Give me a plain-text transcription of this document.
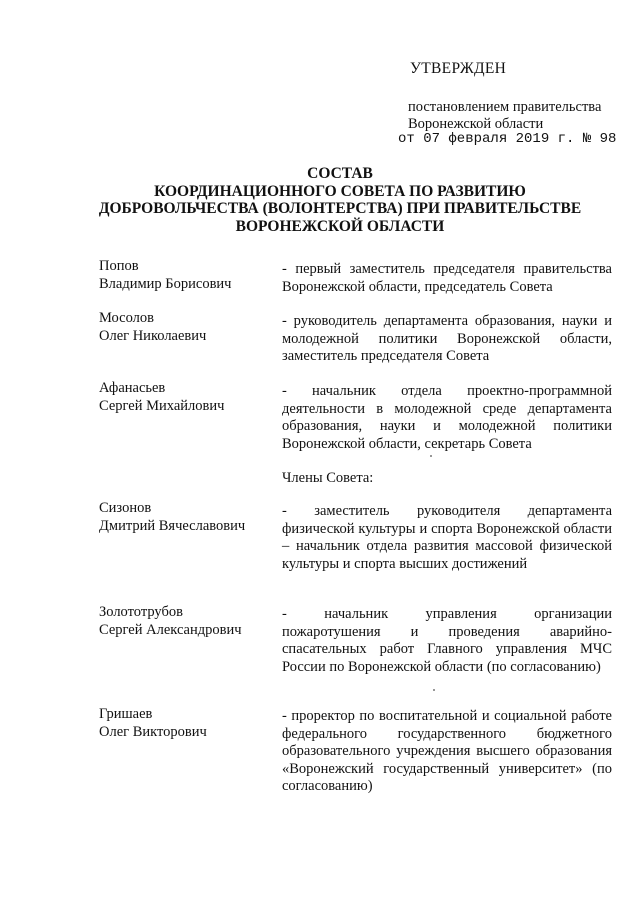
УТВЕРЖДЕН
постановлением правительства
Воронежской области
от 07 февраля 2019 г. № 98
СОСТАВ
КООРДИНАЦИОННОГО СОВЕТА ПО РАЗВИТИЮ
ДОБРОВОЛЬЧЕСТВА (ВОЛОНТЕРСТВА) ПРИ ПРАВИТЕЛЬСТВЕ
ВОРОНЕЖСКОЙ ОБЛАСТИ
Попов
Владимир Борисович
- первый заместитель председателя правительства Воронежской области, председатель Совета
Мосолов
Олег Николаевич
- руководитель департамента образования, науки и молодежной политики Воронежской области, заместитель председателя Совета
Афанасьев
Сергей Михайлович
- начальник отдела проектно-программной деятельности в молодежной среде департамента образования, науки и молодежной политики Воронежской области, секретарь Совета
Члены Совета:
Сизонов
Дмитрий Вячеславович
- заместитель руководителя департамента физической культуры и спорта Воронежской области – начальник отдела развития массовой физической культуры и спорта высших достижений
Золототрубов
Сергей Александрович
- начальник управления организации пожаротушения и проведения аварийно-спасательных работ Главного управления МЧС России по Воронежской области (по согласованию)
Гришаев
Олег Викторович
- проректор по воспитательной и социальной работе федерального государственного бюджетного образовательного учреждения высшего образования «Воронежский государственный университет» (по согласованию)
